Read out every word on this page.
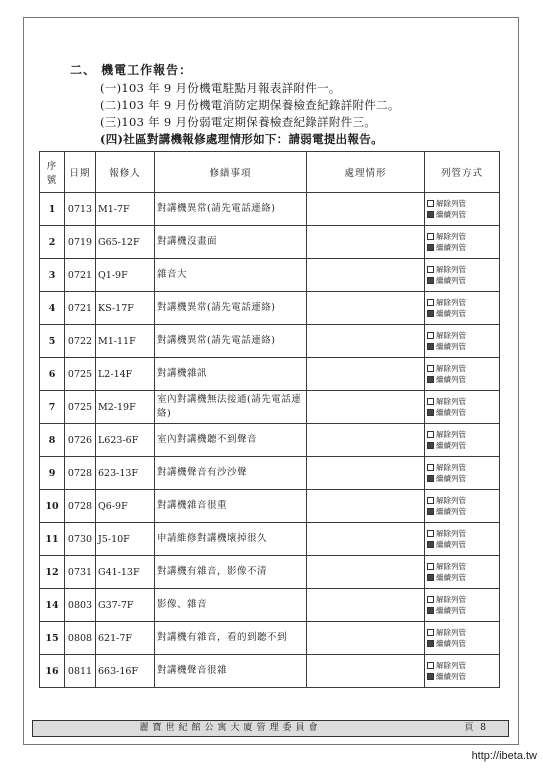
二、 機電工作報告：
(一)103 年 9 月份機電駐點月報表詳附件一。
(二)103 年 9 月份機電消防定期保養檢查紀錄詳附件二。
(三)103 年 9 月份弱電定期保養檢查紀錄詳附件三。
(四)社區對講機報修處理情形如下：請弱電提出報告。
序號	日期	報修人	修繕事項	處理情形	列管方式
1	0713	M1-7F	對講機異常(請先電話連絡)		解除列管
繼續列管

2	0719	G65-12F	對講機沒畫面		解除列管
繼續列管

3	0721	Q1-9F	雜音大		解除列管
繼續列管

4	0721	KS-17F	對講機異常(請先電話連絡)		解除列管
繼續列管

5	0722	M1-11F	對講機異常(請先電話連絡)		解除列管
繼續列管

6	0725	L2-14F	對講機雜訊		解除列管
繼續列管

7	0725	M2-19F	室內對講機無法接通(請先電話連絡)		解除列管
繼續列管

8	0726	L623-6F	室內對講機聽不到聲音		解除列管
繼續列管

9	0728	623-13F	對講機聲音有沙沙聲		解除列管
繼續列管

10	0728	Q6-9F	對講機雜音很重		解除列管
繼續列管

11	0730	J5-10F	申請維修對講機壞掉很久		解除列管
繼續列管

12	0731	G41-13F	對講機有雜音，影像不清		解除列管
繼續列管

14	0803	G37-7F	影像、雜音		解除列管
繼續列管

15	0808	621-7F	對講機有雜音，看的到聽不到		解除列管
繼續列管

16	0811	663-16F	對講機聲音很雜		解除列管
繼續列管
麗寶世紀館公寓大廈管理委員會	頁 8
http://ibeta.tw
